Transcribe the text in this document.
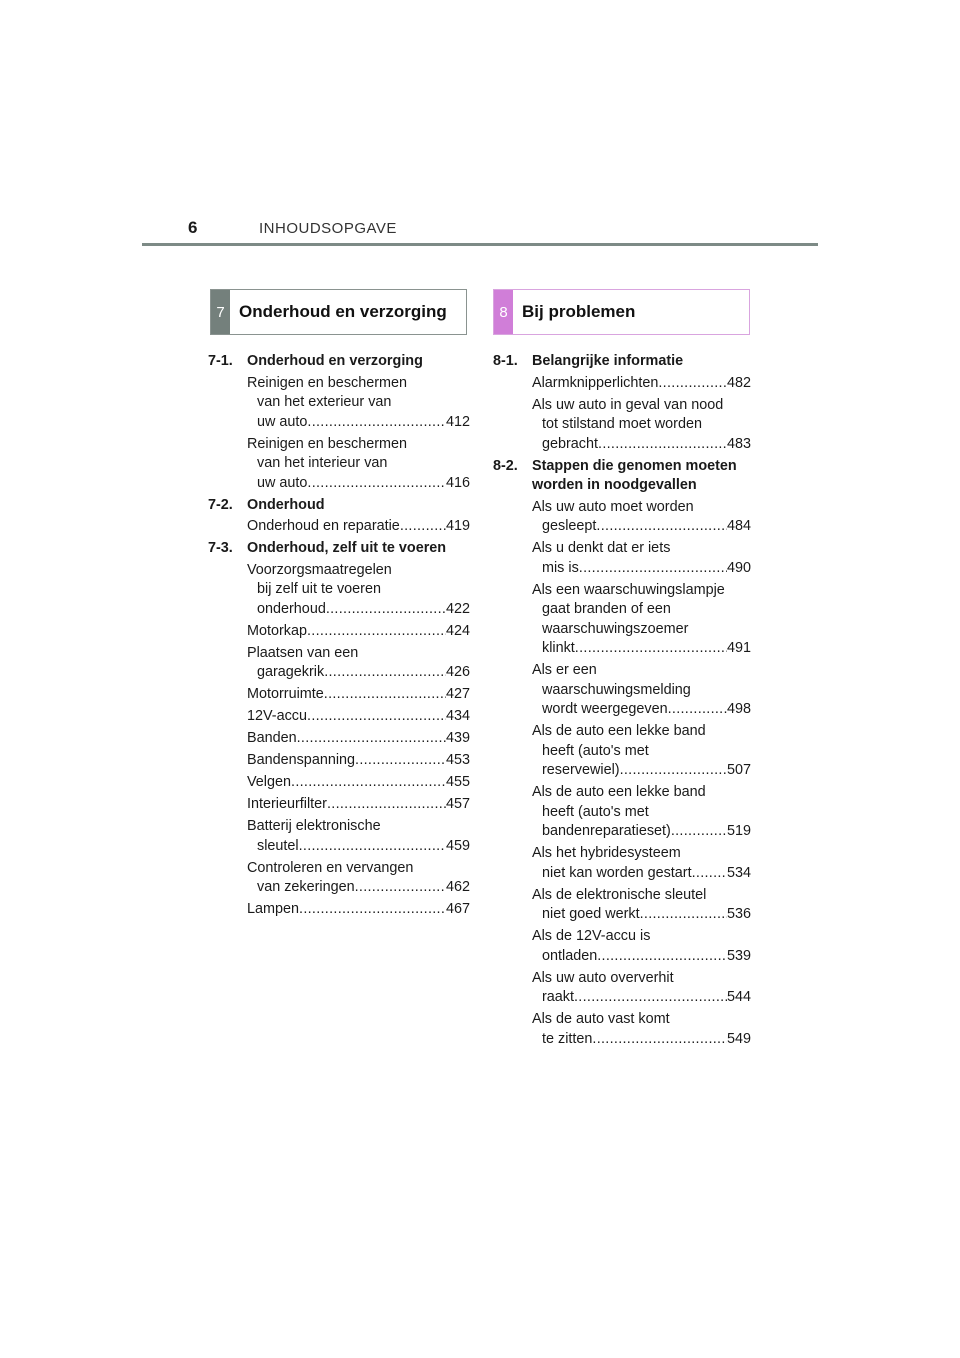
6	INHOUDSOPGAVE
7 Onderhoud en verzorging	8 Bij problemen
7-1. Onderhoud en verzorging
Reinigen en beschermen
van het exterieur van
uw auto .....	412
Reinigen en beschermen
van het interieur van
uw auto .....	416
7-2. Onderhoud
Onderhoud en reparatie .....	419
7-3. Onderhoud, zelf uit te voeren
Voorzorgsmaatregelen
bij zelf uit te voeren
onderhoud .....	422
Motorkap .....	424
Plaatsen van een
garagekrik .....	426
Motorruimte .....	427
12V-accu .....	434
Banden .....	439
Bandenspanning .....	453
Velgen .....	455
Interieurfilter .....	457
Batterij elektronische
sleutel .....	459
Controleren en vervangen
van zekeringen .....	462
Lampen .....	467
8-1. Belangrijke informatie
Alarmknipperlichten .....	482
Als uw auto in geval van nood
tot stilstand moet worden
gebracht .....	483
8-2. Stappen die genomen moeten worden in noodgevallen
Als uw auto moet worden
gesleept .....	484
Als u denkt dat er iets
mis is .....	490
Als een waarschuwingslampje
gaat branden of een
waarschuwingszoemer
klinkt .....	491
Als er een
waarschuwingsmelding
wordt weergegeven .....	498
Als de auto een lekke band
heeft (auto's met
reservewiel) .....	507
Als de auto een lekke band
heeft (auto's met
bandenreparatieset) .....	519
Als het hybridesysteem
niet kan worden gestart ..... 534
Als de elektronische sleutel
niet goed werkt .....	536
Als de 12V-accu is
ontladen .....	539
Als uw auto oververhit
raakt .....	544
Als de auto vast komt
te zitten .....	549
